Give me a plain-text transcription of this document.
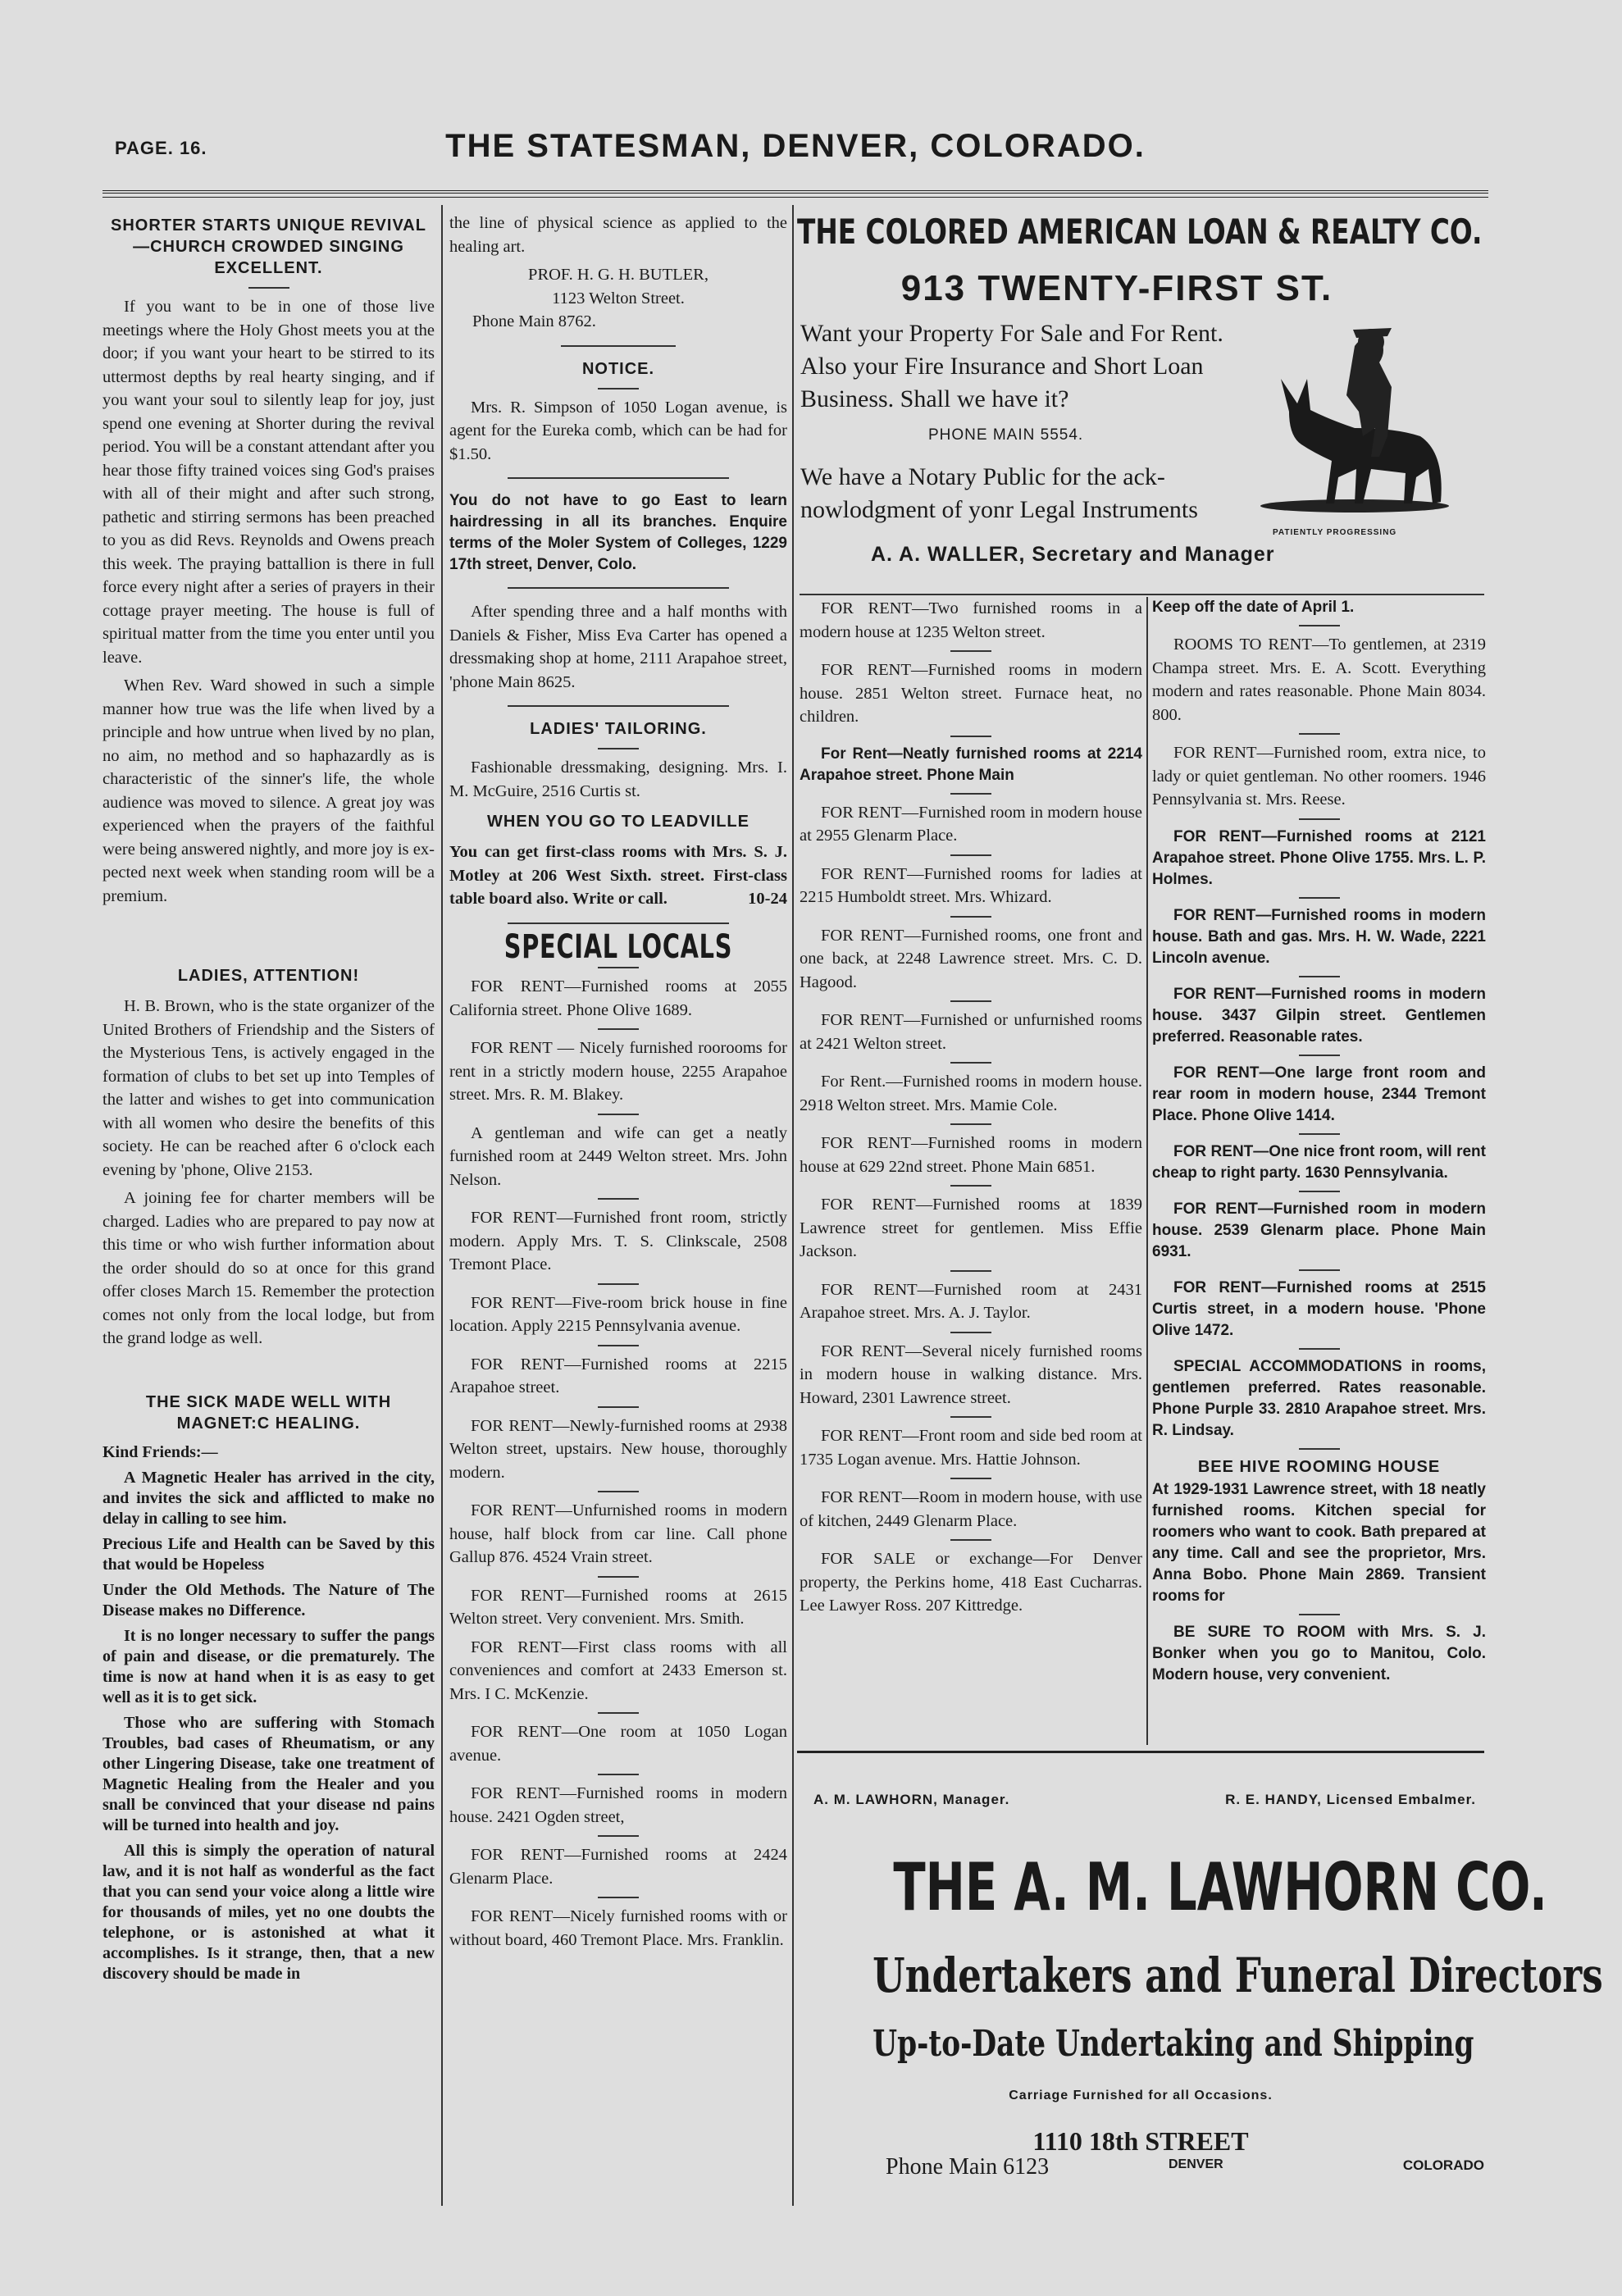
PAGE. 16.	THE STATESMAN, DENVER, COLORADO.
SHORTER STARTS UNIQUE REVIVAL—CHURCH CROWDED SINGING EXCELLENT.

If you want to be in one of those live meetings where the Holy Ghost meets you at the door; if you want your heart to be stirred to its uttermost depths by real hearty singing, and if you want your soul to silently leap for joy, just spend one evening at Shorter during the revival period. You will be a constant attendant after you hear those fifty trained voices sing God's praises with all of their might and after such strong, pathetic and stirring sermons has been preached to you as did Revs. Reynolds and Owens preach this week. The praying battallion is there in full force every night after a series of prayers in their cottage prayer meeting. The house is full of spiritual matter from the time you enter until you leave.

When Rev. Ward showed in such a simple manner how true was the life when lived by a principle and how untrue when lived by no plan, no aim, no method and so haphazardly as is characteristic of the sinner's life, the whole audience was moved to silence. A great joy was experienced when the prayers of the faithful were being answered nightly, and more joy is expected next week when standing room will be a premium.

LADIES, ATTENTION!

H. B. Brown, who is the state organizer of the United Brothers of Friendship and the Sisters of the Mysterious Tens, is actively engaged in the formation of clubs to bet set up into Temples of the latter and wishes to get into communication with all women who desire the benefits of this society. He can be reached after 6 o'clock each evening by 'phone, Olive 2153.

A joining fee for charter members will be charged. Ladies who are prepared to pay now at this time or who wish further information about the order should do so at once for this grand offer closes March 15. Remember the protection comes not only from the local lodge, but from the grand lodge as well.

THE SICK MADE WELL WITH MAGNET:C HEALING.

Kind Friends:—

A Magnetic Healer has arrived in the city, and invites the sick and afflicted to make no delay in calling to see him.

Precious Life and Health can be Saved by this that would be Hopeless

Under the Old Methods. The Nature of The Disease makes no Difference.

It is no longer necessary to suffer the pangs of pain and disease, or die prematurely. The time is now at hand when it is as easy to get well as it is to get sick.

Those who are suffering with Stomach Troubles, bad cases of Rheumatism, or any other Lingering Disease, take one treatment of Magnetic Healing from the Healer and you snall be convinced that your disease nd pains will be turned into health and joy.

All this is simply the operation of natural law, and it is not half as wonderful as the fact that you can send your voice along a little wire for thousands of miles, yet no one doubts the telephone, or is astonished at what it accomplishes. Is it strange, then, that a new discovery should be made in

the line of physical science as applied to the healing art.

PROF. H. G. H. BUTLER,
1123 Welton Street.
Phone Main 8762.
NOTICE.

Mrs. R. Simpson of 1050 Logan avenue, is agent for the Eureka comb, which can be had for $1.50.

You do not have to go East to learn hairdressing in all its branches. Enquire terms of the Moler System of Colleges, 1229 17th street, Denver, Colo.

After spending three and a half months with Daniels & Fisher, Miss Eva Carter has opened a dressmaking shop at home, 2111 Arapahoe street, 'phone Main 8625.

LADIES' TAILORING.

Fashionable dressmaking, designing. Mrs. I. M. McGuire, 2516 Curtis st.

WHEN YOU GO TO LEADVILLE

You can get first-class rooms with Mrs. S. J. Motley at 206 West Sixth. street. First-class table board also. Write or call.	10-24

SPECIAL LOCALS

FOR RENT—Furnished rooms at 2055 California street. Phone Olive 1689.

FOR RENT — Nicely furnished roorooms for rent in a strictly modern house, 2255 Arapahoe street. Mrs. R. M. Blakey.

A gentleman and wife can get a neatly furnished room at 2449 Welton street. Mrs. John Nelson.

FOR RENT—Furnished front room, strictly modern. Apply Mrs. T. S. Clinkscale, 2508 Tremont Place.

FOR RENT—Five-room brick house in fine location. Apply 2215 Pennsylvania avenue.

FOR RENT—Furnished rooms at 2215 Arapahoe street.

FOR RENT—Newly-furnished rooms at 2938 Welton street, upstairs. New house, thoroughly modern.

FOR RENT—Unfurnished rooms in modern house, half block from car line. Call phone Gallup 876. 4524 Vrain street.

FOR RENT—Furnished rooms at 2615 Welton street. Very convenient. Mrs. Smith.

FOR RENT—First class rooms with all conveniences and comfort at 2433 Emerson st. Mrs. I C. McKenzie.

FOR RENT—One room at 1050 Logan avenue.

FOR RENT—Furnished rooms in modern house. 2421 Ogden street,

FOR RENT—Furnished rooms at 2424 Glenarm Place.

FOR RENT—Nicely furnished rooms with or without board, 460 Tremont Place. Mrs. Franklin.

THE COLORED AMERICAN LOAN & REALTY CO.
913 TWENTY-FIRST ST.
Want your Property For Sale and For Rent. Also your Fire Insurance and Short Loan Business. Shall we have it?
PHONE MAIN 5554.
We have a Notary Public for the acknowlodgment of yonr Legal Instruments
PATIENTLY PROGRESSING
A. A. WALLER, Secretary and Manager

FOR RENT—Two furnished rooms in a modern house at 1235 Welton street.

FOR RENT—Furnished rooms in modern house. 2851 Welton street. Furnace heat, no children.

For Rent—Neatly furnished rooms at 2214 Arapahoe street. Phone Main

FOR RENT—Furnished room in modern house at 2955 Glenarm Place.

FOR RENT—Furnished rooms for ladies at 2215 Humboldt street. Mrs. Whizard.

FOR RENT—Furnished rooms, one front and one back, at 2248 Lawrence street. Mrs. C. D. Hagood.

FOR RENT—Furnished or unfurnished rooms at 2421 Welton street.

For Rent.—Furnished rooms in modern house. 2918 Welton street. Mrs. Mamie Cole.

FOR RENT—Furnished rooms in modern house at 629 22nd street. Phone Main 6851.

FOR RENT—Furnished rooms at 1839 Lawrence street for gentlemen. Miss Effie Jackson.

FOR RENT—Furnished room at 2431 Arapahoe street. Mrs. A. J. Taylor.

FOR RENT—Several nicely furnished rooms in modern house in walking distance. Mrs. Howard, 2301 Lawrence street.

FOR RENT—Front room and side bed room at 1735 Logan avenue. Mrs. Hattie Johnson.

FOR RENT—Room in modern house, with use of kitchen, 2449 Glenarm Place.

FOR SALE or exchange—For Denver property, the Perkins home, 418 East Cucharras. Lee Lawyer Ross. 207 Kittredge.

Keep off the date of April 1.

ROOMS TO RENT—To gentlemen, at 2319 Champa street. Mrs. E. A. Scott. Everything modern and rates reasonable. Phone Main 8034. 800.

FOR RENT—Furnished room, extra nice, to lady or quiet gentleman. No other roomers. 1946 Pennsylvania st. Mrs. Reese.

FOR RENT—Furnished rooms at 2121 Arapahoe street. Phone Olive 1755. Mrs. L. P. Holmes.

FOR RENT—Furnished rooms in modern house. Bath and gas. Mrs. H. W. Wade, 2221 Lincoln avenue.

FOR RENT—Furnished rooms in modern house. 3437 Gilpin street. Gentlemen preferred. Reasonable rates.

FOR RENT—One large front room and rear room in modern house, 2344 Tremont Place. Phone Olive 1414.

FOR RENT—One nice front room, will rent cheap to right party. 1630 Pennsylvania.

FOR RENT—Furnished room in modern house. 2539 Glenarm place. Phone Main 6931.

FOR RENT—Furnished rooms at 2515 Curtis street, in a modern house. 'Phone Olive 1472.

SPECIAL ACCOMMODATIONS in rooms, gentlemen preferred. Rates reasonable. Phone Purple 33. 2810 Arapahoe street. Mrs. R. Lindsay.

BEE HIVE ROOMING HOUSE

At 1929-1931 Lawrence street, with 18 neatly furnished rooms. Kitchen special for roomers who want to cook. Bath prepared at any time. Call and see the proprietor, Mrs. Anna Bobo. Phone Main 2869. Transient rooms for

BE SURE TO ROOM with Mrs. S. J. Bonker when you go to Manitou, Colo. Modern house, very convenient.

A. M. LAWHORN, Manager.	R. E. HANDY, Licensed Embalmer.
THE A. M. LAWHORN CO.
Undertakers and Funeral Directors
Up-to-Date Undertaking and Shipping
Carriage Furnished for all Occasions.
1110 18th STREET
Phone Main 6123	DENVER	COLORADO
